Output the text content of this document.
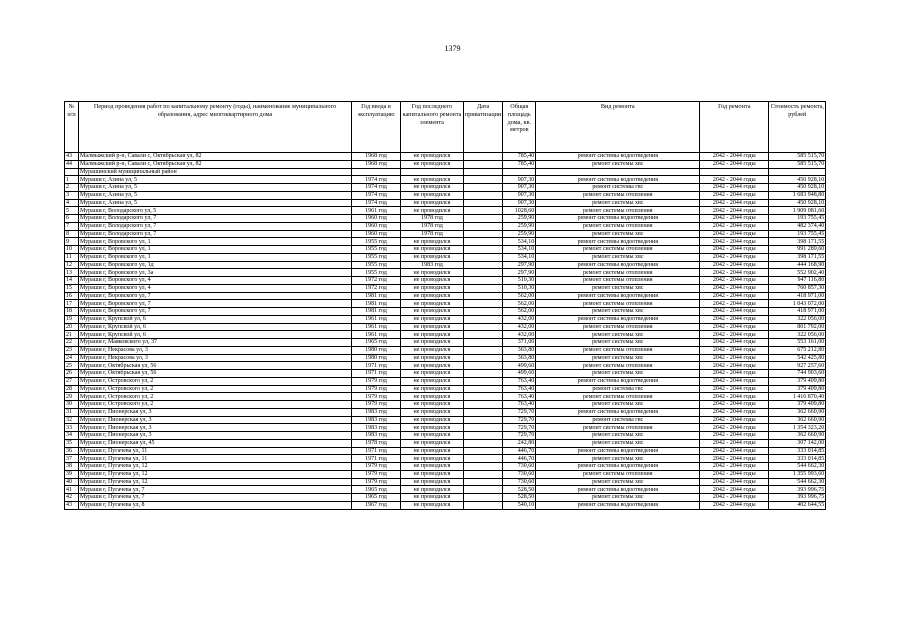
1379
№ п/п	Период проведения работ по капитальному ремонту (годы), наименование муниципального образования, адрес многоквартирного дома	Год ввода в эксплуатацию	Год последнего капитального ремонта элемента	Дата приватизации	Общая площадь дома, кв. метров	Вид ремонта	Год ремонта	Стоимость ремонта, рублей
43	Малмыжский р-н, Савали с, Октябрьская ул, 82	1968 год	не проводился		785,40	ремонт системы водоотведения	2042 - 2044 годы	585 515,70
44	Малмыжский р-н, Савали с, Октябрьская ул, 82	1968 год	не проводился		785,40	ремонт системы хвс	2042 - 2044 годы	585 515,70
	Мурашинский муниципальный район							
1	Мураши г, Азина ул, 5	1974 год	не проводился		907,30	ремонт системы водоотведения	2042 - 2044 годы	450 928,10
2	Мураши г, Азина ул, 5	1974 год	не проводился		907,30	ремонт системы гвс	2042 - 2044 годы	450 928,10
3	Мураши г, Азина ул, 5	1974 год	не проводился		907,30	ремонт системы отопления	2042 - 2044 годы	1 683 948,80
4	Мураши г, Азина ул, 5	1974 год	не проводился		907,30	ремонт системы хвс	2042 - 2044 годы	450 928,10
5	Мураши г, Володарского ул, 5	1961 год	не проводился		1028,60	ремонт системы отопления	2042 - 2044 годы	1 909 081,60
6	Мураши г, Володарского ул, 7	1960 год	1978 год		259,90	ремонт системы водоотведения	2042 - 2044 годы	193 755,45
7	Мураши г, Володарского ул, 7	1960 год	1978 год		259,90	ремонт системы отопления	2042 - 2044 годы	482 374,40
8	Мураши г, Володарского ул, 7	1960 год	1978 год		259,90	ремонт системы хвс	2042 - 2044 годы	193 755,45
9	Мураши г, Воровского ул, 1	1955 год	не проводился		534,10	ремонт системы водоотведения	2042 - 2044 годы	398 171,55
10	Мураши г, Воровского ул, 1	1955 год	не проводился		534,10	ремонт системы отопления	2042 - 2044 годы	991 289,60
11	Мураши г, Воровского ул, 1	1955 год	не проводился		534,10	ремонт системы хвс	2042 - 2044 годы	398 171,55
12	Мураши г, Воровского ул, 1д	1955 год	1983 год		297,90	ремонт системы водоотведения	2042 - 2044 годы	444 168,90
13	Мураши г, Воровского ул, 3а	1955 год	не проводился		297,90	ремонт системы отопления	2042 - 2044 годы	552 902,40
14	Мураши г, Воровского ул, 4	1972 год	не проводился		510,30	ремонт системы отопления	2042 - 2044 годы	947 116,80
15	Мураши г, Воровского ул, 4	1972 год	не проводился		510,30	ремонт системы хвс	2042 - 2044 годы	760 857,30
16	Мураши г, Воровского ул, 7	1981 год	не проводился		562,00	ремонт системы водоотведения	2042 - 2044 годы	418 971,00
17	Мураши г, Воровского ул, 7	1981 год	не проводился		562,00	ремонт системы отопления	2042 - 2044 годы	1 043 072,00
18	Мураши г, Воровского ул, 7	1981 год	не проводился		562,00	ремонт системы хвс	2042 - 2044 годы	418 971,00
19	Мураши г, Крупской ул, 6	1961 год	не проводился		432,00	ремонт системы водоотведения	2042 - 2044 годы	322 056,00
20	Мураши г, Крупской ул, 6	1961 год	не проводился		432,00	ремонт системы отопления	2042 - 2044 годы	801 792,00
21	Мураши г, Крупской ул, 6	1961 год	не проводился		432,00	ремонт системы хвс	2042 - 2044 годы	322 056,00
22	Мураши г, Маяковского ул, 37	1965 год	не проводился		371,00	ремонт системы хвс	2042 - 2044 годы	553 161,00
23	Мураши г, Некрасова ул, 3	1980 год	не проводился		363,80	ремонт системы отопления	2042 - 2044 годы	675 212,80
24	Мураши г, Некрасова ул, 3	1980 год	не проводился		363,80	ремонт системы хвс	2042 - 2044 годы	542 425,80
25	Мураши г, Октябрьская ул, 56	1971 год	не проводился		499,60	ремонт системы отопления	2042 - 2044 годы	927 257,60
26	Мураши г, Октябрьская ул, 56	1971 год	не проводился		499,60	ремонт системы хвс	2042 - 2044 годы	744 903,60
27	Мураши г, Островского ул, 2	1979 год	не проводился		763,40	ремонт системы водоотведения	2042 - 2044 годы	379 409,80
28	Мураши г, Островского ул, 2	1979 год	не проводился		763,40	ремонт системы гвс	2042 - 2044 годы	379 409,80
29	Мураши г, Островского ул, 2	1979 год	не проводился		763,40	ремонт системы отопления	2042 - 2044 годы	1 416 870,40
30	Мураши г, Островского ул, 2	1979 год	не проводился		763,40	ремонт системы хвс	2042 - 2044 годы	379 409,80
31	Мураши г, Пионерская ул, 3	1983 год	не проводился		729,70	ремонт системы водоотведения	2042 - 2044 годы	362 660,90
32	Мураши г, Пионерская ул, 3	1983 год	не проводился		729,70	ремонт системы гвс	2042 - 2044 годы	362 660,90
33	Мураши г, Пионерская ул, 3	1983 год	не проводился		729,70	ремонт системы отопления	2042 - 2044 годы	1 354 323,20
34	Мураши г, Пионерская ул, 3	1983 год	не проводился		729,70	ремонт системы хвс	2042 - 2044 годы	362 660,90
35	Мураши г, Пионерская ул, 45	1978 год	не проводился		242,80	ремонт системы хвс	2042 - 2044 годы	307 142,00
36	Мураши г, Пугачева ул, 11	1971 год	не проводился		446,70	ремонт системы водоотведения	2042 - 2044 годы	333 014,85
37	Мураши г, Пугачева ул, 11	1971 год	не проводился		446,70	ремонт системы хвс	2042 - 2044 годы	333 014,85
38	Мураши г, Пугачева ул, 12	1979 год	не проводился		730,60	ремонт системы водоотведения	2042 - 2044 годы	544 662,30
39	Мураши г, Пугачева ул, 12	1979 год	не проводился		730,60	ремонт системы отопления	2042 - 2044 годы	1 355 993,60
40	Мураши г, Пугачева ул, 12	1979 год	не проводился		730,60	ремонт системы хвс	2042 - 2044 годы	544 662,30
41	Мураши г, Пугачева ул, 7	1965 год	не проводился		528,50	ремонт системы водоотведения	2042 - 2044 годы	393 996,75
42	Мураши г, Пугачева ул, 7	1965 год	не проводился		528,50	ремонт системы хвс	2042 - 2044 годы	393 996,75
43	Мураши г, Пугачева ул, 8	1967 год	не проводился		540,10	ремонт системы водоотведения	2042 - 2044 годы	402 644,55
